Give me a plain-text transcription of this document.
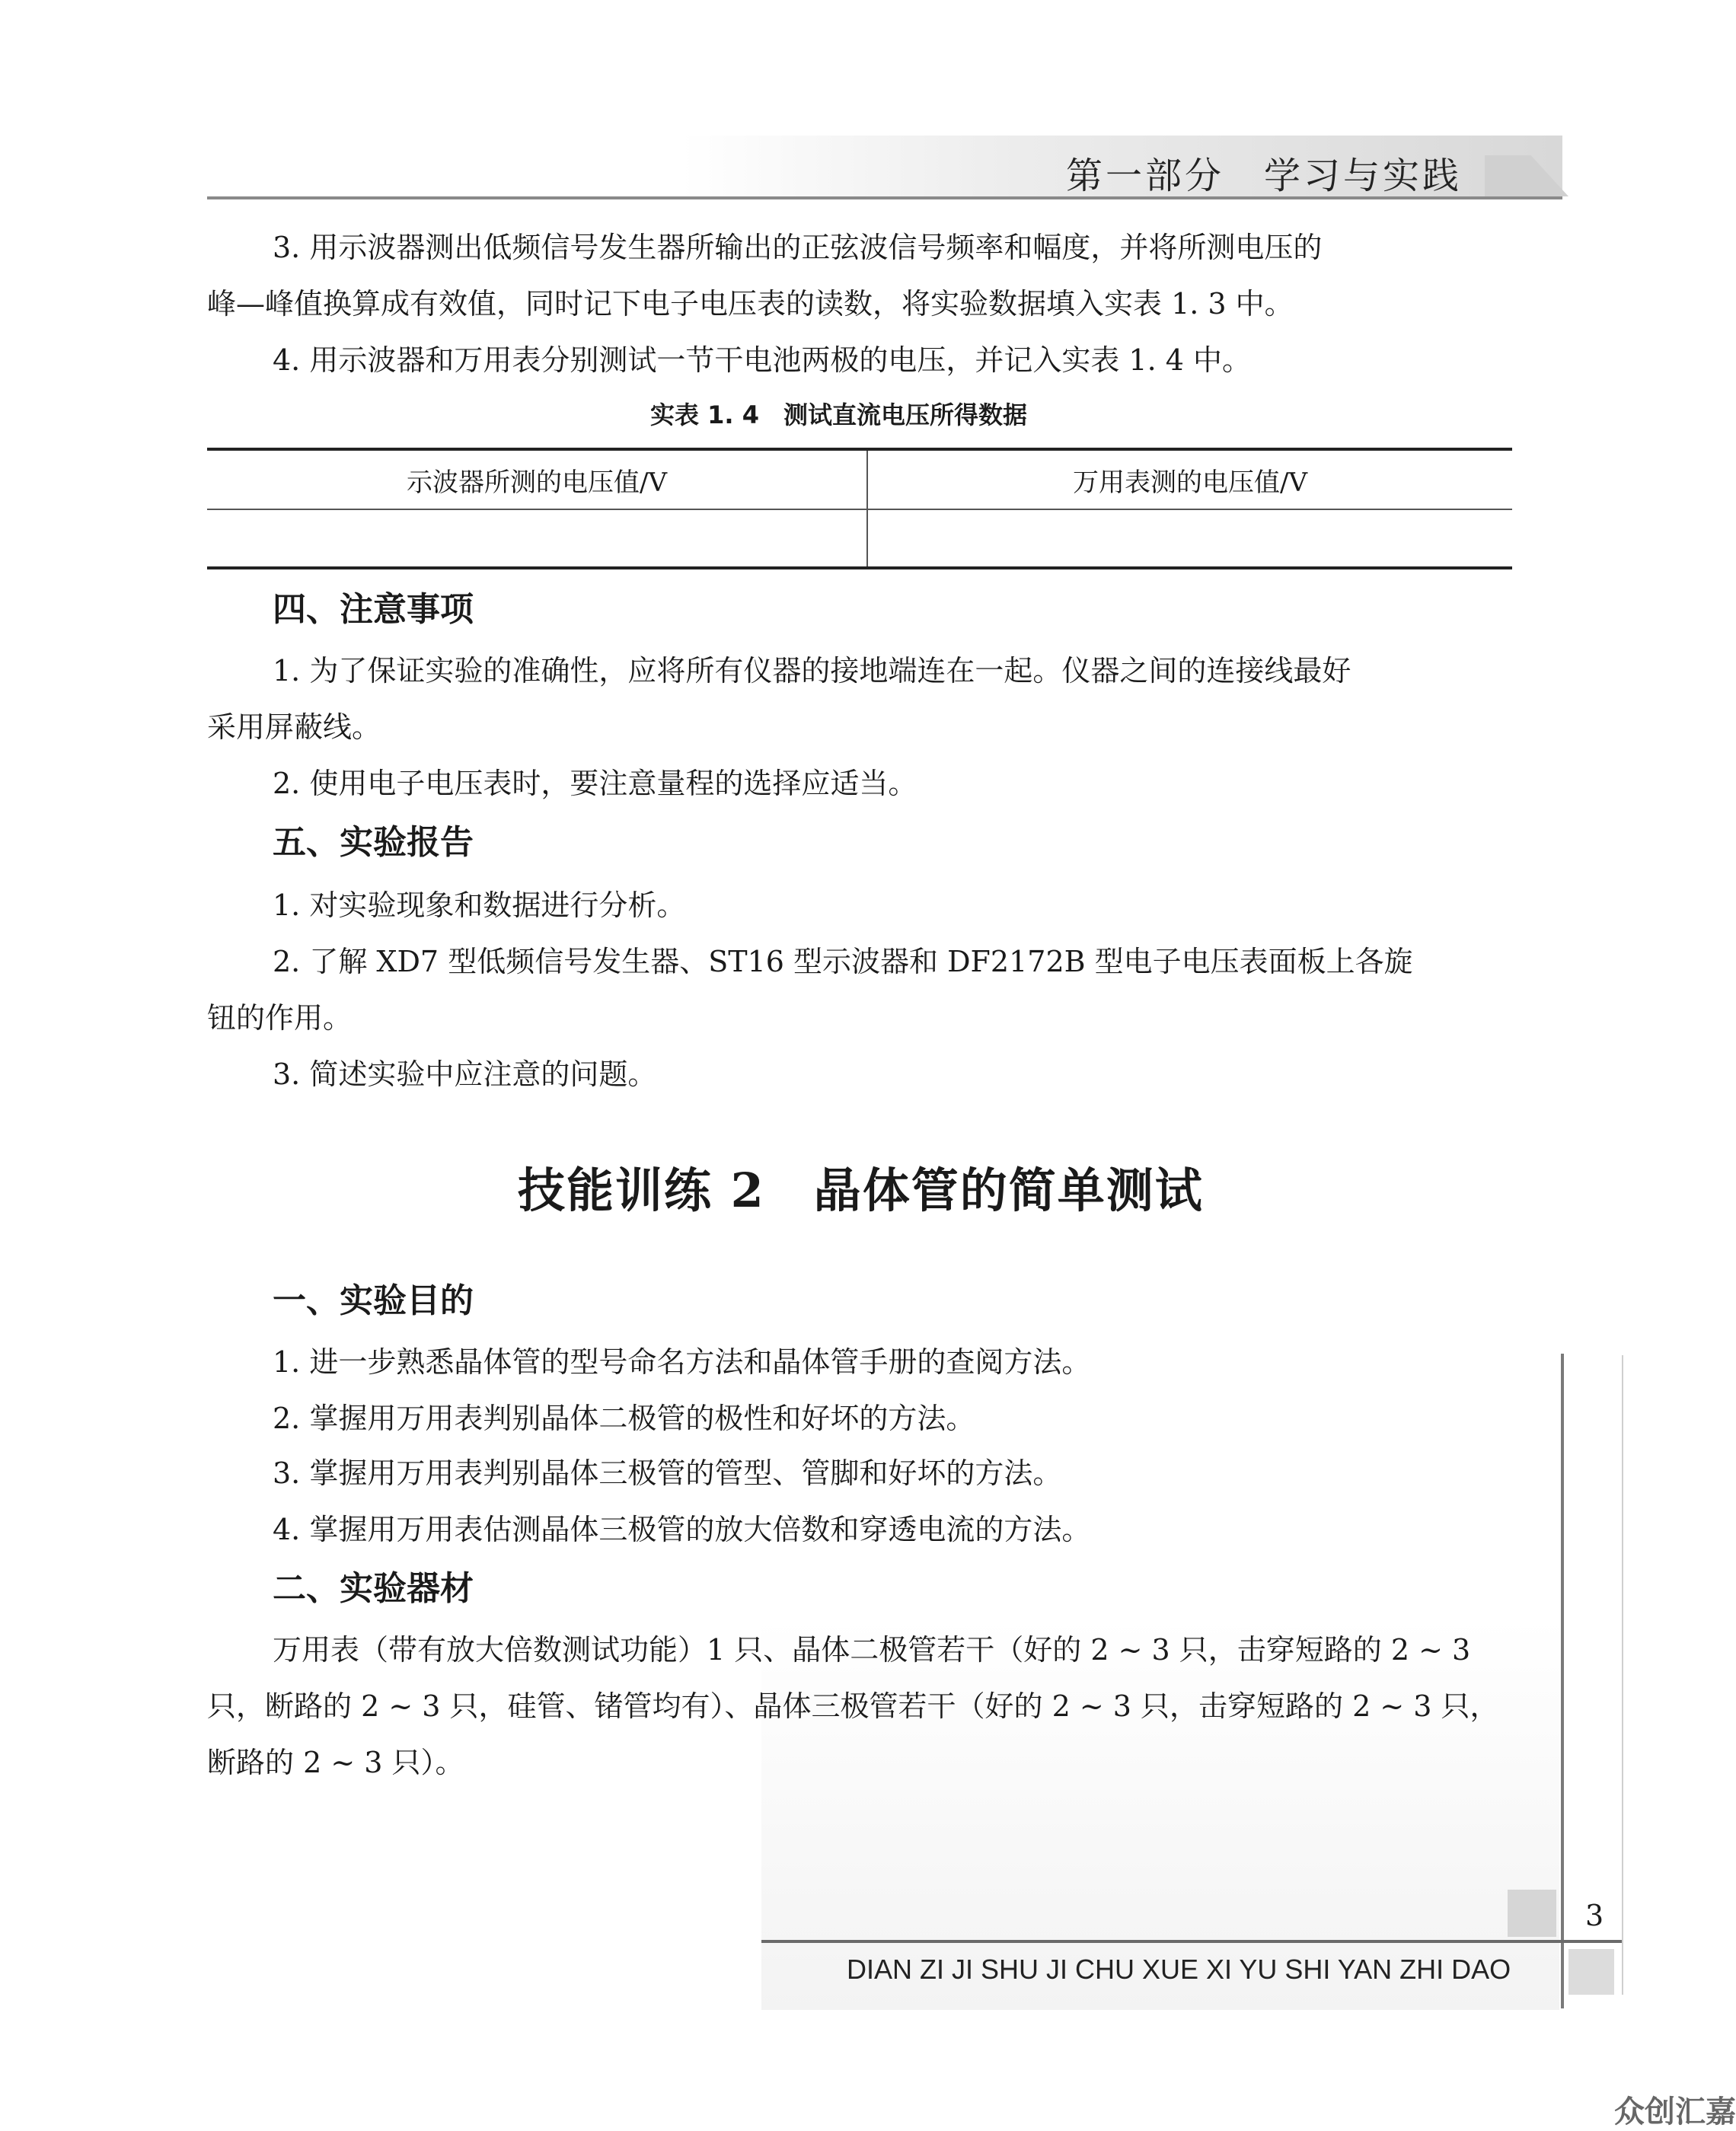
第一部分　学习与实践
3. 用示波器测出低频信号发生器所输出的正弦波信号频率和幅度，并将所测电压的
峰—峰值换算成有效值，同时记下电子电压表的读数，将实验数据填入实表 1. 3 中。
4. 用示波器和万用表分别测试一节干电池两极的电压，并记入实表 1. 4 中。
实表 1. 4　测试直流电压所得数据
示波器所测的电压值/V	万用表测的电压值/V

四、注意事项
1. 为了保证实验的准确性，应将所有仪器的接地端连在一起。仪器之间的连接线最好
采用屏蔽线。
2. 使用电子电压表时，要注意量程的选择应适当。
五、实验报告
1. 对实验现象和数据进行分析。
2. 了解 XD7 型低频信号发生器、ST16 型示波器和 DF2172B 型电子电压表面板上各旋
钮的作用。
3. 简述实验中应注意的问题。
技能训练 2　晶体管的简单测试
一、实验目的
1. 进一步熟悉晶体管的型号命名方法和晶体管手册的查阅方法。
2. 掌握用万用表判别晶体二极管的极性和好坏的方法。
3. 掌握用万用表判别晶体三极管的管型、管脚和好坏的方法。
4. 掌握用万用表估测晶体三极管的放大倍数和穿透电流的方法。
二、实验器材
万用表（带有放大倍数测试功能）1 只、晶体二极管若干（好的 2 ~ 3 只，击穿短路的 2 ~ 3
只，断路的 2 ~ 3 只，硅管、锗管均有）、晶体三极管若干（好的 2 ~ 3 只，击穿短路的 2 ~ 3 只，
断路的 2 ~ 3 只）。
3
DIAN ZI JI SHU JI CHU XUE XI YU SHI YAN ZHI DAO
众创汇嘉
